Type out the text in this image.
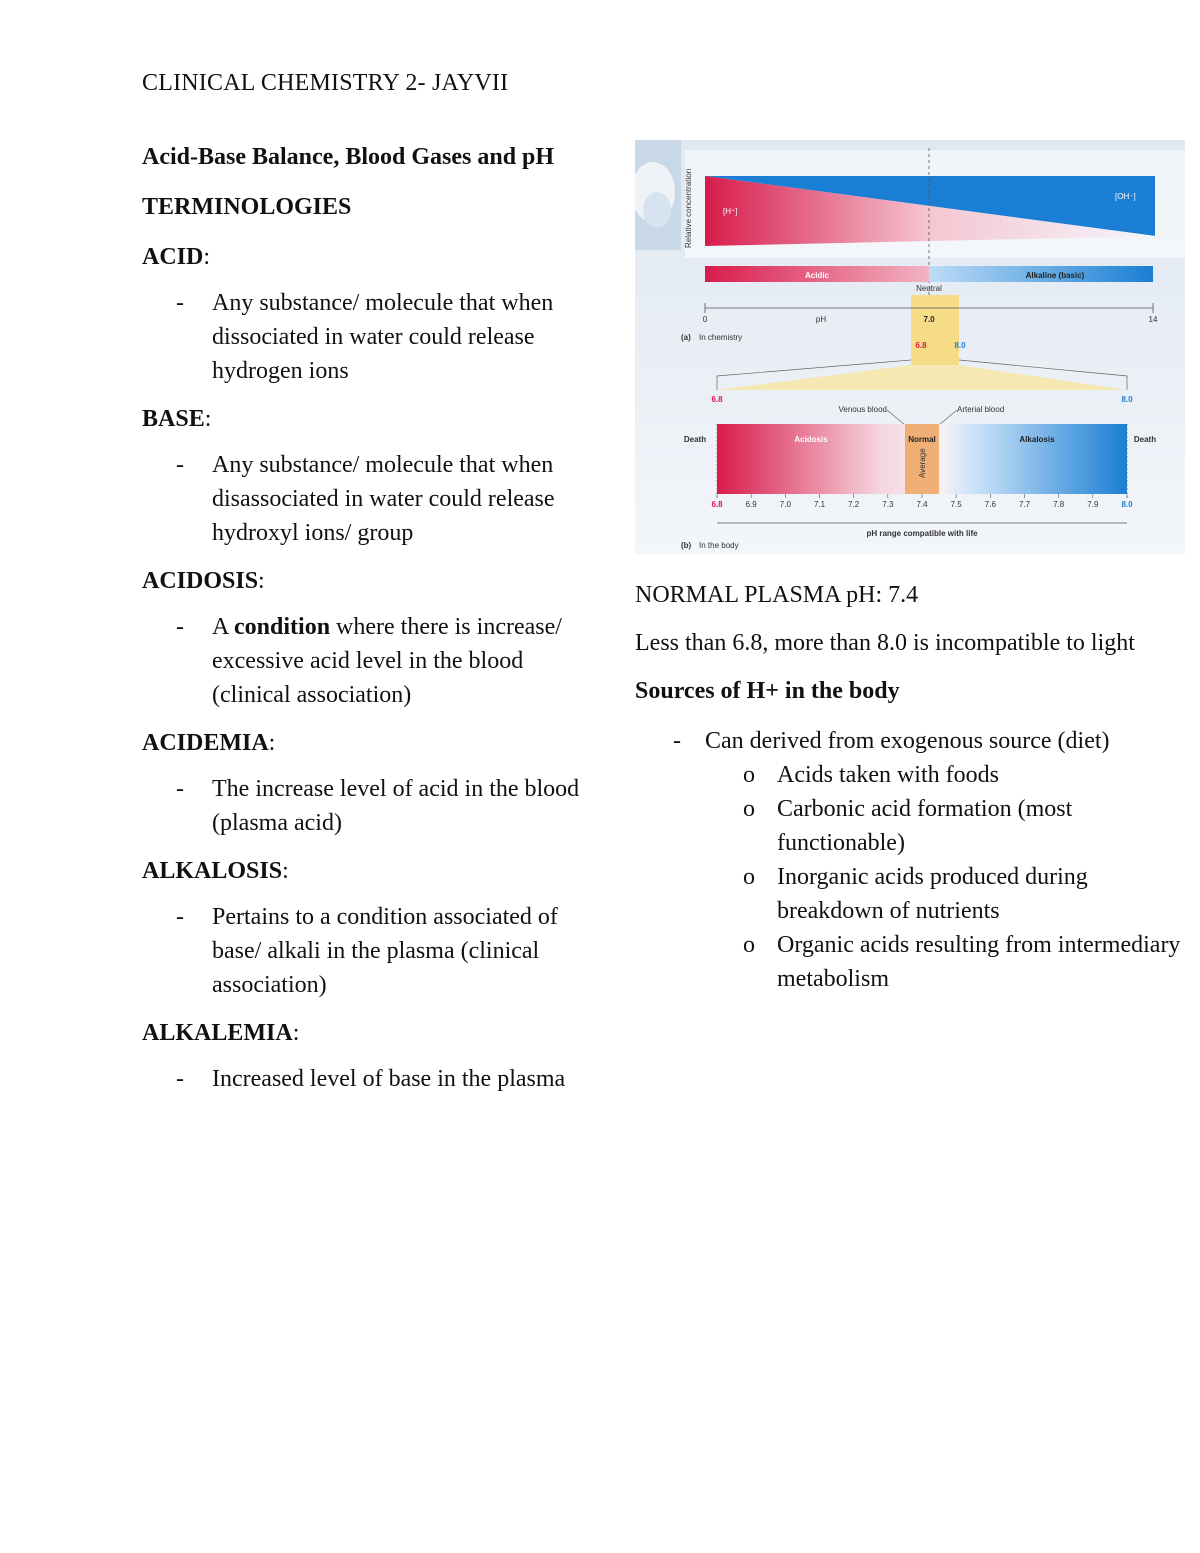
CLINICAL CHEMISTRY 2- JAYVII
Acid-Base Balance, Blood Gases and pH
TERMINOLOGIES
ACID:
- Any substance/ molecule that when dissociated in water could release hydrogen ions
BASE:
- Any substance/ molecule that when disassociated in water could release hydroxyl ions/ group
ACIDOSIS:
- A condition where there is increase/ excessive acid level in the blood (clinical association)
ACIDEMIA:
- The increase level of acid in the blood (plasma acid)
ALKALOSIS:
- Pertains to a condition associated of base/ alkali in the plasma (clinical association)
ALKALEMIA:
- Increased level of base in the plasma
Relative concentration	[H⁺]
[OH⁻]
Acidic	Alkaline (basic)
Neutral
0	pH	7.0	14
(a) In chemistry
6.8	8.0
6.8	8.0
Venous blood	Arterial blood
Death	Death
Acidosis	Normal	Alkalosis
Average
6.8	6.9	7.0	7.1	7.2	7.3	7.4	7.5	7.6	7.7	7.8	7.9	8.0
pH range compatible with life
(b) In the body

NORMAL PLASMA pH: 7.4

Less than 6.8, more than 8.0 is incompatible to light

Sources of H+ in the body

- Can derived from exogenous source (diet)
o Acids taken with foods
o Carbonic acid formation (most functionable)
o Inorganic acids produced during breakdown of nutrients
o Organic acids resulting from intermediary metabolism
